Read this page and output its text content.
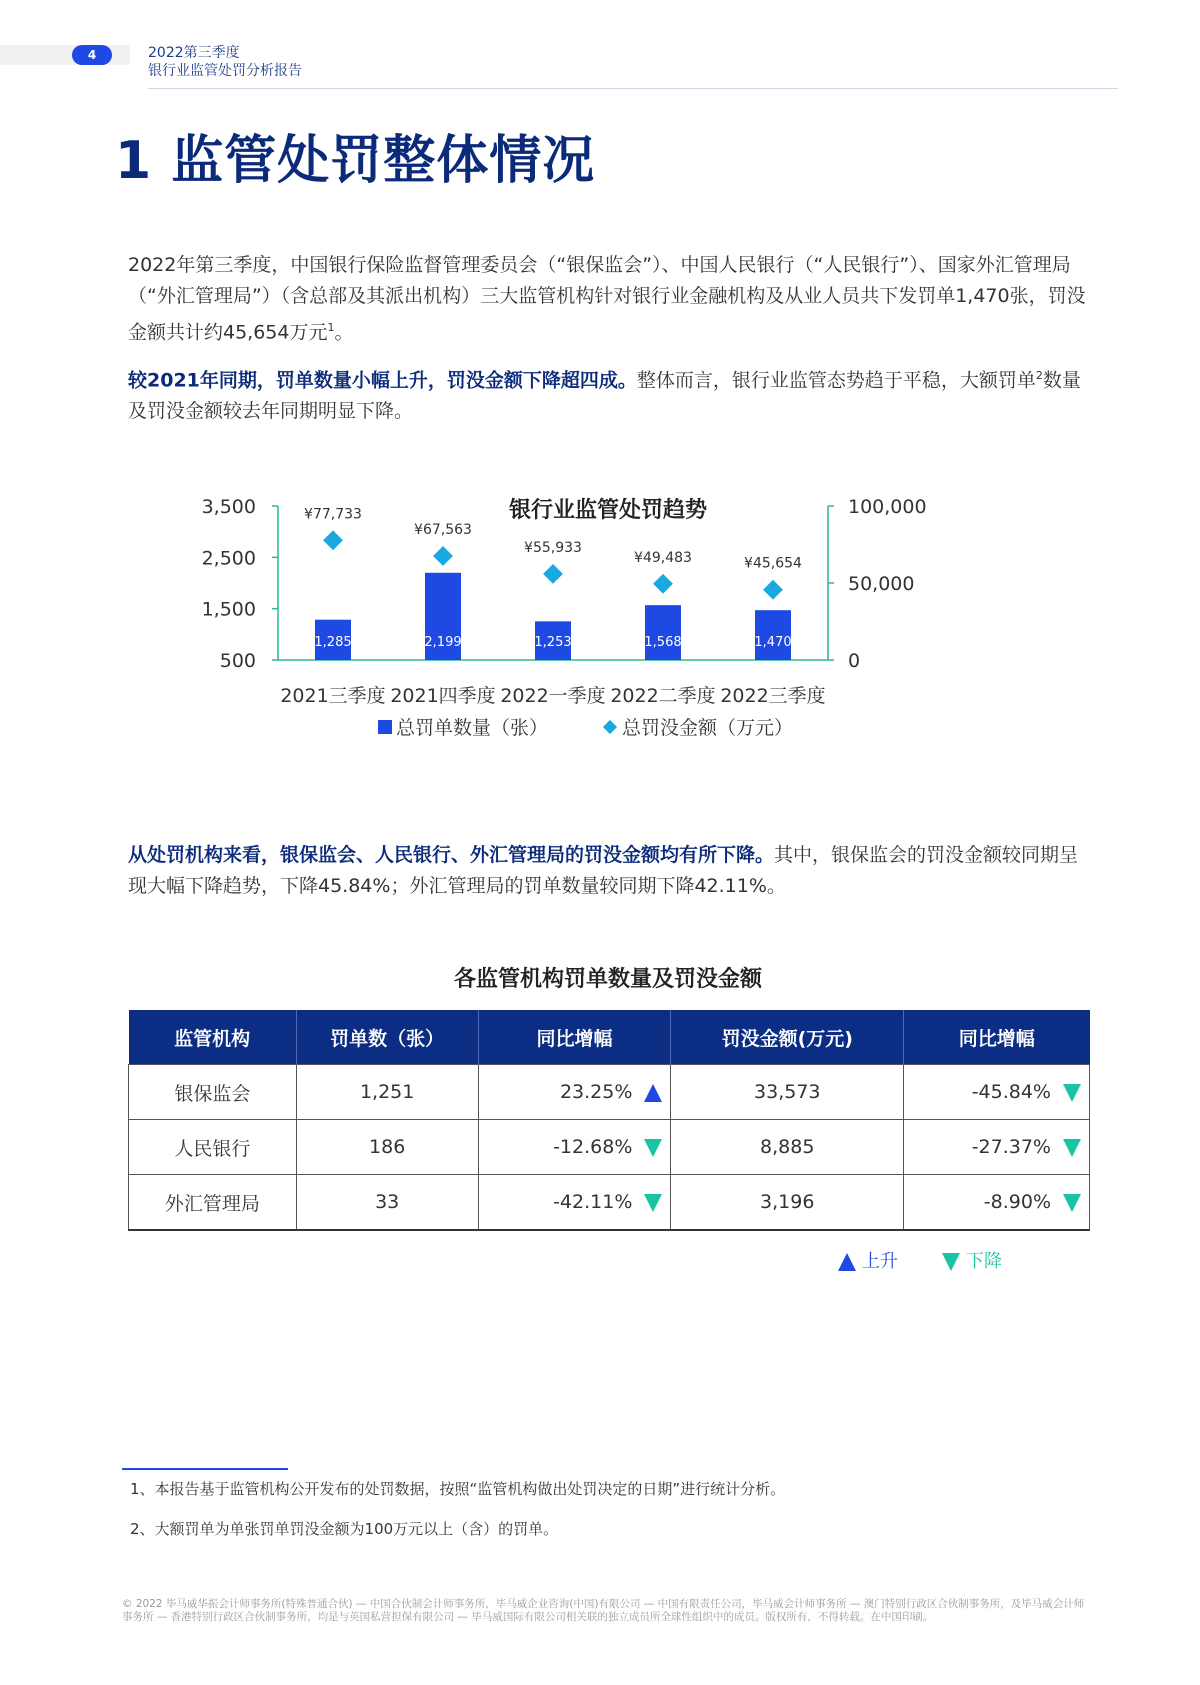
4	2022第三季度
银行业监管处罚分析报告
1 监管处罚整体情况
2022年第三季度，中国银行保险监督管理委员会（“银保监会”）、中国人民银行（“人民银行”）、国家外汇管理局（“外汇管理局”）（含总部及其派出机构）三大监管机构针对银行业金融机构及从业人员共下发罚单1,470张，罚没金额共计约45,654万元$^1$。
较2021年同期，罚单数量小幅上升，罚没金额下降超四成。整体而言，银行业监管态势趋于平稳，大额罚单$^2$数量及罚没金额较去年同期明显下降。
银行业监管处罚趋势
3,500
2,500
1,500
500
100,000
50,000
0
1,285
¥77,733
2021三季度
2,199
¥67,563
2021四季度
1,253
¥55,933
2022一季度
1,568
¥49,483
2022二季度
1,470
¥45,654
2022三季度
总罚单数量（张）	总罚没金额（万元）
从处罚机构来看，银保监会、人民银行、外汇管理局的罚没金额均有所下降。其中，银保监会的罚没金额较同期呈现大幅下降趋势，下降45.84%；外汇管理局的罚单数量较同期下降42.11%。
各监管机构罚单数量及罚没金额
监管机构	罚单数（张）	同比增幅	罚没金额(万元)	同比增幅
银保监会	1,251	23.25%	33,573	-45.84%
人民银行	186	-12.68%	8,885	-27.37%
外汇管理局	33	-42.11%	3,196	-8.90%
上升	下降
1、本报告基于监管机构公开发布的处罚数据，按照“监管机构做出处罚决定的日期”进行统计分析。
2、大额罚单为单张罚单罚没金额为100万元以上（含）的罚单。
© 2022 毕马威华振会计师事务所(特殊普通合伙) — 中国合伙制会计师事务所，毕马威企业咨询(中国)有限公司 — 中国有限责任公司，毕马威会计师事务所 — 澳门特别行政区合伙制事务所，及毕马威会计师事务所 — 香港特别行政区合伙制事务所，均是与英国私营担保有限公司 — 毕马威国际有限公司相关联的独立成员所全球性组织中的成员。版权所有，不得转载。在中国印刷。
